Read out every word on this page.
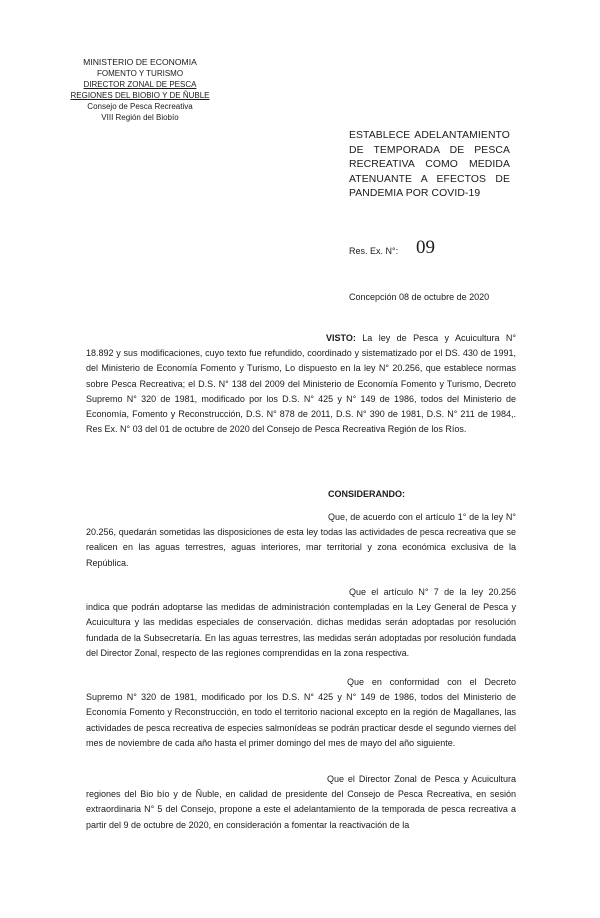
MINISTERIO DE ECONOMIA
FOMENTO Y TURISMO
DIRECTOR ZONAL DE PESCA
REGIONES DEL BIOBIO Y DE ÑUBLE
Consejo de Pesca Recreativa
VIII Región del Biobío
ESTABLECE ADELANTAMIENTO DE TEMPORADA DE PESCA RECREATIVA COMO MEDIDA ATENUANTE A EFECTOS DE PANDEMIA POR COVID-19
Res. Ex. N°: 09
Concepción 08 de octubre de 2020
VISTO: La ley de Pesca y Acuicultura N° 18.892 y sus modificaciones, cuyo texto fue refundido, coordinado y sistematizado por el DS. 430 de 1991, del Ministerio de Economía Fomento y Turismo, Lo dispuesto en la ley N° 20.256, que establece normas sobre Pesca Recreativa; el D.S. N° 138 del 2009 del Ministerio de Economía Fomento y Turismo, Decreto Supremo N° 320 de 1981, modificado por los D.S. N° 425 y N° 149 de 1986, todos del Ministerio de Economía, Fomento y Reconstrucción, D.S. N° 878 de 2011, D.S. N° 390 de 1981, D.S. N° 211 de 1984,. Res Ex. N° 03 del 01 de octubre de 2020 del Consejo de Pesca Recreativa Región de los Ríos.
CONSIDERANDO:
Que, de acuerdo con el artículo 1° de la ley N° 20.256, quedarán sometidas las disposiciones de esta ley todas las actividades de pesca recreativa que se realicen en las aguas terrestres, aguas interiores, mar territorial y zona económica exclusiva de la República.
Que el artículo N° 7 de la ley 20.256 indica que podrán adoptarse las medidas de administración contempladas en la Ley General de Pesca y Acuicultura y las medidas especiales de conservación. dichas medidas serán adoptadas por resolución fundada de la Subsecretaría. En las aguas terrestres, las medidas serán adoptadas por resolución fundada del Director Zonal, respecto de las regiones comprendidas en la zona respectiva.
Que en conformidad con el Decreto Supremo N° 320 de 1981, modificado por los D.S. N° 425 y N° 149 de 1986, todos del Ministerio de Economía Fomento y Reconstrucción, en todo el territorio nacional excepto en la región de Magallanes, las actividades de pesca recreativa de especies salmonídeas se podrán practicar desde el segundo viernes del mes de noviembre de cada año hasta el primer domingo del mes de mayo del año siguiente.
Que el Director Zonal de Pesca y Acuicultura regiones del Bio bío y de Ñuble, en calidad de presidente del Consejo de Pesca Recreativa, en sesión extraordinaria N° 5 del Consejo, propone a este el adelantamiento de la temporada de pesca recreativa a partir del 9 de octubre de 2020, en consideración a fomentar la reactivación de la
